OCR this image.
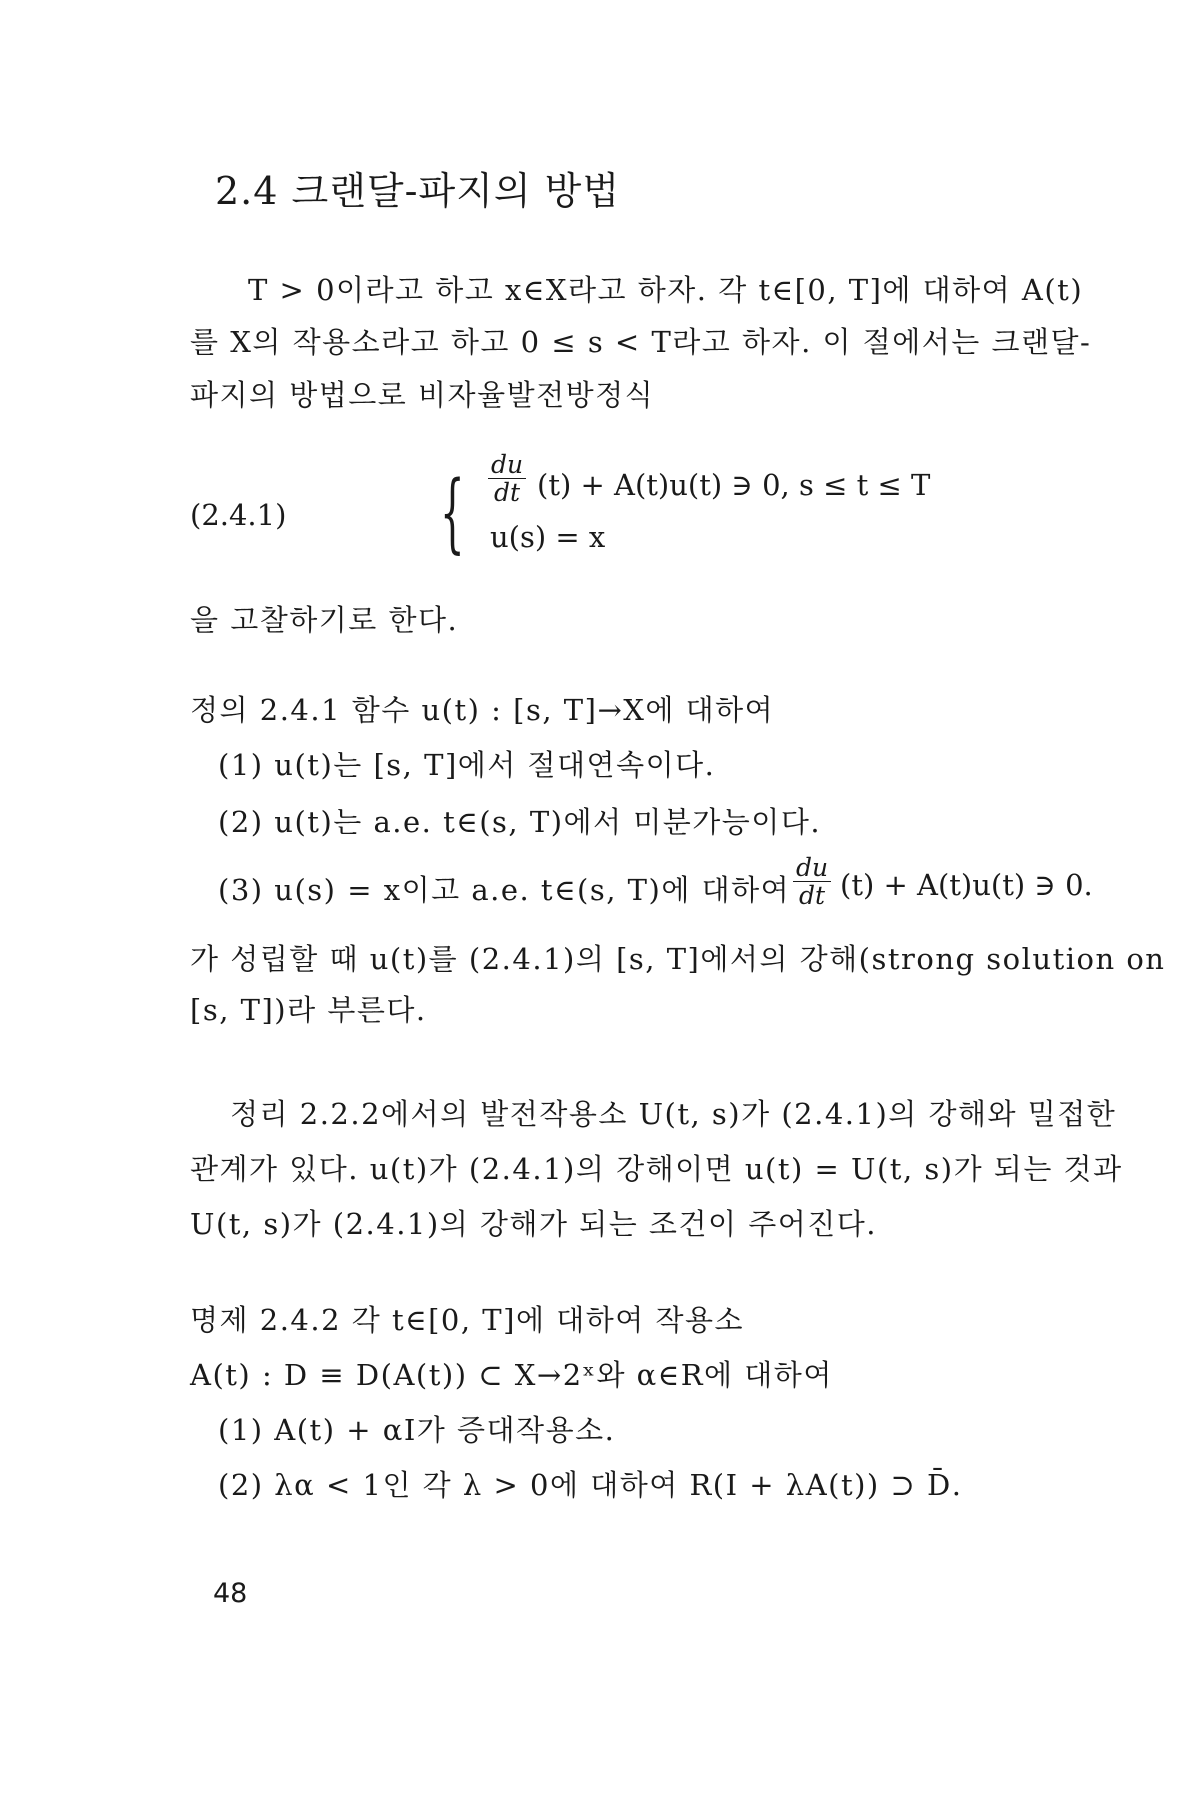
2.4 크랜달-파지의 방법
T > 0이라고 하고 x∈X라고 하자. 각 t∈[0, T]에 대하여 A(t)
를 X의 작용소라고 하고 0 ≤ s < T라고 하자. 이 절에서는 크랜달-
파지의 방법으로 비자율발전방정식
(2.4.1) { $\frac{du}{dt} (t) + A(t)u(t)$ ∋ 0, s ≤ t ≤ T
u(s) = x
을 고찰하기로 한다.
정의 2.4.1 함수 u(t) : [s, T]→X에 대하여
(1) u(t)는 [s, T]에서 절대연속이다.
(2) u(t)는 a.e. t∈(s, T)에서 미분가능이다.
(3) u(s) = x이고 a.e. t∈(s, T)에 대하여 $\frac{du}{dt} (t) + A(t)u(t)$ ∋ 0.
가 성립할 때 u(t)를 (2.4.1)의 [s, T]에서의 강해(strong solution on
[s, T])라 부른다.
정리 2.2.2에서의 발전작용소 U(t, s)가 (2.4.1)의 강해와 밀접한
관계가 있다. u(t)가 (2.4.1)의 강해이면 u(t) = U(t, s)가 되는 것과
U(t, s)가 (2.4.1)의 강해가 되는 조건이 주어진다.
명제 2.4.2 각 t∈[0, T]에 대하여 작용소
A(t) : D ≡ D(A(t)) ⊂ X→2ˣ와 α∈R에 대하여
(1) A(t) + αI가 증대작용소.
(2) λα < 1인 각 λ > 0에 대하여 R(I + λA(t)) ⊃ D̄.
48
